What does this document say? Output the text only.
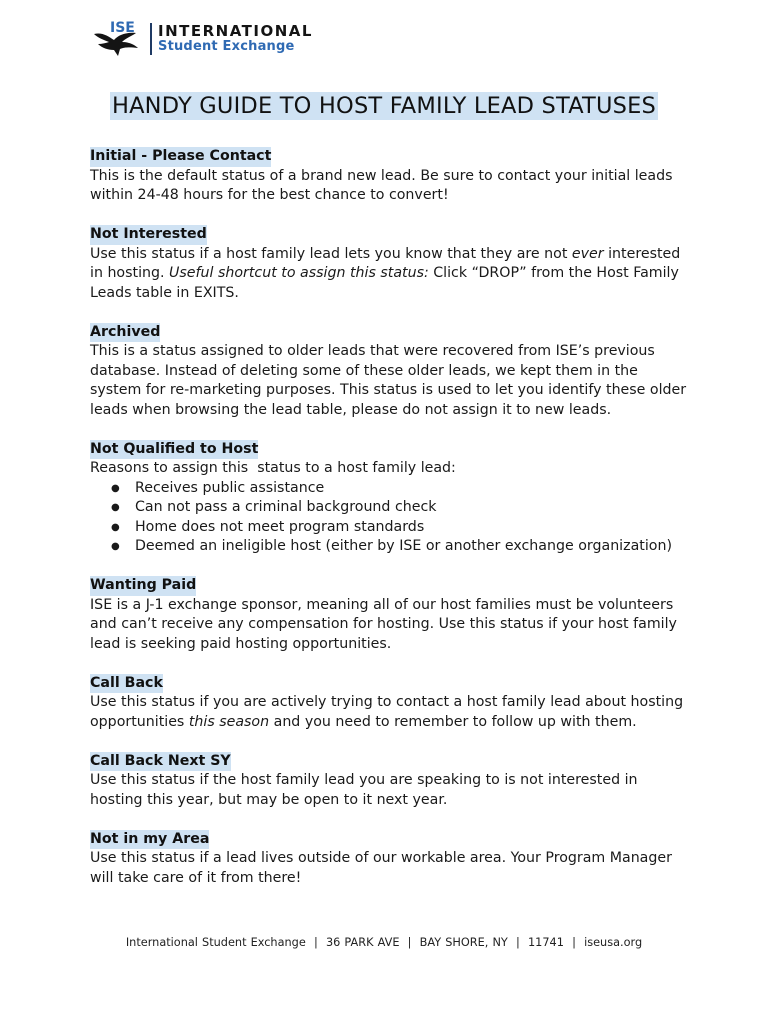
ISE INTERNATIONAL
Student Exchange
HANDY GUIDE TO HOST FAMILY LEAD STATUSES
Initial - Please Contact

This is the default status of a brand new lead. Be sure to contact your initial leads within 24-48 hours for the best chance to convert!

Not Interested

Use this status if a host family lead lets you know that they are not ever interested in hosting. Useful shortcut to assign this status: Click “DROP” from the Host Family Leads table in EXITS.

Archived

This is a status assigned to older leads that were recovered from ISE’s previous database. Instead of deleting some of these older leads, we kept them in the system for re-marketing purposes. This status is used to let you identify these older leads when browsing the lead table, please do not assign it to new leads.

Not Qualified to Host

Reasons to assign this  status to a host family lead:

● Receives public assistance
● Can not pass a criminal background check
● Home does not meet program standards
● Deemed an ineligible host (either by ISE or another exchange organization)
Wanting Paid

ISE is a J-1 exchange sponsor, meaning all of our host families must be volunteers and can’t receive any compensation for hosting. Use this status if your host family lead is seeking paid hosting opportunities.

Call Back

Use this status if you are actively trying to contact a host family lead about hosting opportunities this season and you need to remember to follow up with them.

Call Back Next SY

Use this status if the host family lead you are speaking to is not interested in hosting this year, but may be open to it next year.

Not in my Area

Use this status if a lead lives outside of our workable area. Your Program Manager will take care of it from there!

International Student Exchange  |  36 PARK AVE  |  BAY SHORE, NY  |  11741  |  iseusa.org
